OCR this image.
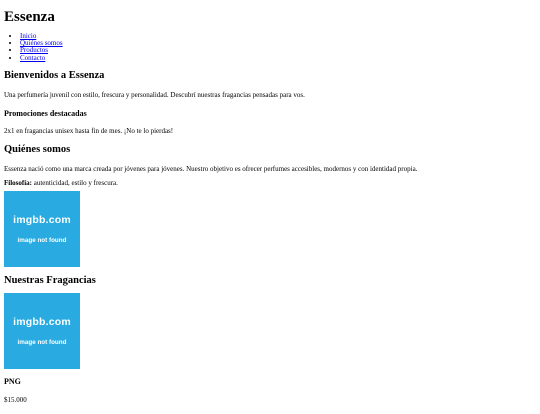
Essenza
• Inicio
• Quiénes somos
• Productos
• Contacto
Bienvenidos a Essenza

Una perfumería juvenil con estilo, frescura y personalidad. Descubrí nuestras fragancias pensadas para vos.

Promociones destacadas

2x1 en fragancias unisex hasta fin de mes. ¡No te lo pierdas!

Quiénes somos

Essenza nació como una marca creada por jóvenes para jóvenes. Nuestro objetivo es ofrecer perfumes accesibles, modernos y con identidad propia.

Filosofía: autenticidad, estilo y frescura.

imgbb.com
image not found
Nuestras Fragancias
imgbb.com
image not found
PNG

$15.000
